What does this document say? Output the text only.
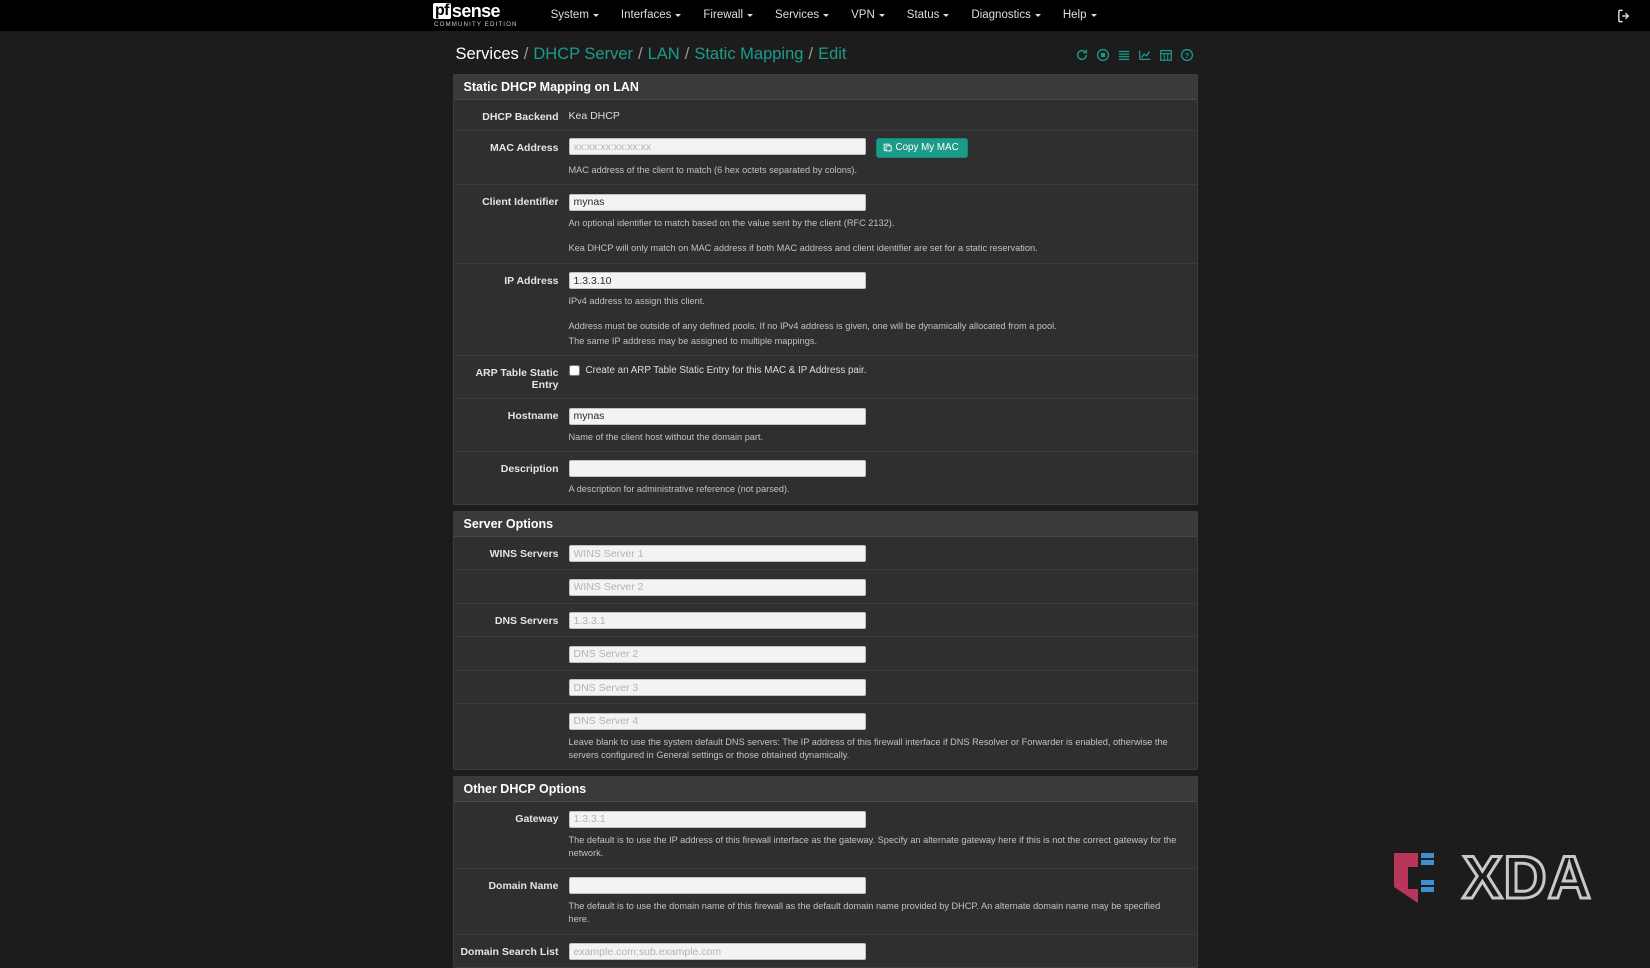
pf sense
COMMUNITY EDITION
System	Interfaces	Firewall	Services	VPN	Status	Diagnostics	Help
Services / DHCP Server / LAN / Static Mapping / Edit	?
Static DHCP Mapping on LAN
DHCP Backend Kea DHCP
MAC Address
xx:xx:xx:xx:xx:xx	Copy My MAC
MAC address of the client to match (6 hex octets separated by colons).
Client Identifier
mynas
An optional identifier to match based on the value sent by the client (RFC 2132).
Kea DHCP will only match on MAC address if both MAC address and client identifier are set for a static reservation.
IP Address
1.3.3.10
IPv4 address to assign this client.
Address must be outside of any defined pools. If no IPv4 address is given, one will be dynamically allocated from a pool.
The same IP address may be assigned to multiple mappings.
ARP Table Static Entry
Create an ARP Table Static Entry for this MAC & IP Address pair.
Hostname
mynas
Name of the client host without the domain part.
Description
A description for administrative reference (not parsed).
Server Options
WINS Servers
WINS Server 1
WINS Server 2
DNS Servers
1.3.3.1
DNS Server 2
DNS Server 3
DNS Server 4
Leave blank to use the system default DNS servers: The IP address of this firewall interface if DNS Resolver or Forwarder is enabled, otherwise the servers configured in General settings or those obtained dynamically.
Other DHCP Options
Gateway
1.3.3.1
The default is to use the IP address of this firewall interface as the gateway. Specify an alternate gateway here if this is not the correct gateway for the network.
Domain Name
The default is to use the domain name of this firewall as the default domain name provided by DHCP. An alternate domain name may be specified here.
Domain Search List
example.com;sub.example.com
XDA
